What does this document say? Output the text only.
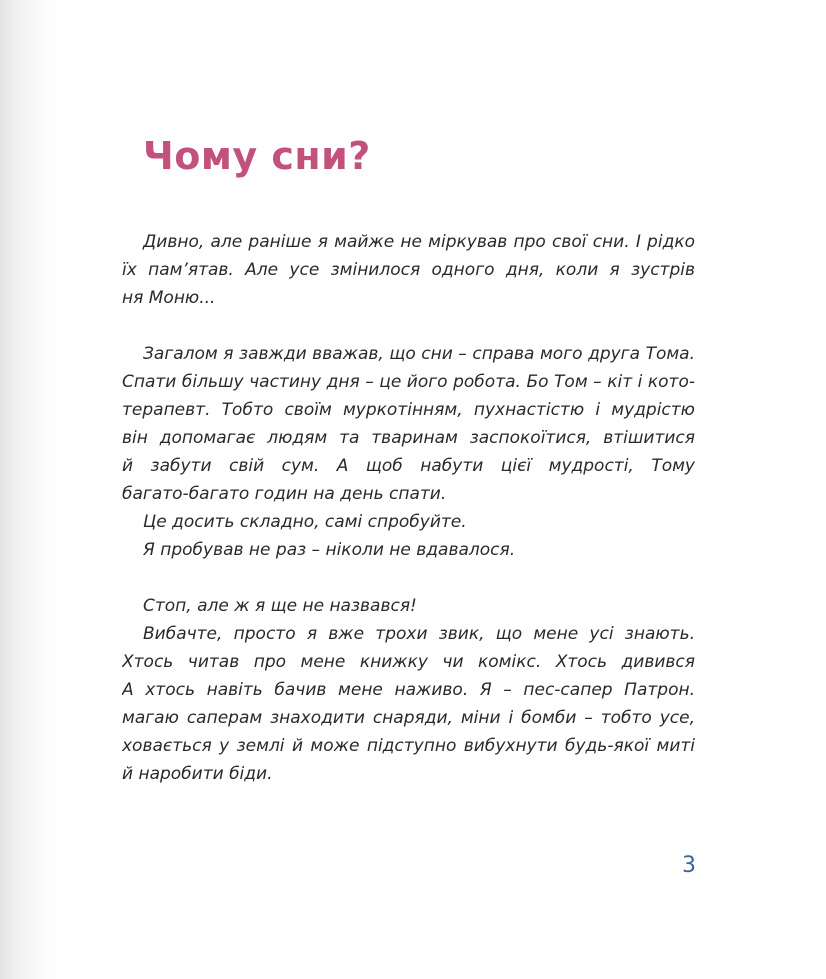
Чому сни?
Дивно, але раніше я майже не міркував про свої сни. І рідко
їх пам’ятав. Але усе змінилося одного дня, коли я зустрів
ня Моню...
Загалом я завжди вважав, що сни – справа мого друга Тома.
Спати більшу частину дня – це його робота. Бо Том – кіт і кото-
терапевт. Тобто своїм муркотінням, пухнастістю і мудрістю
він допомагає людям та тваринам заспокоїтися, втішитися
й забути свій сум. А щоб набути цієї мудрості, Тому
багато-багато годин на день спати.
Це досить складно, самі спробуйте.
Я пробував не раз – ніколи не вдавалося.
Стоп, але ж я ще не назвався!
Вибачте, просто я вже трохи звик, що мене усі знають.
Хтось читав про мене книжку чи комікс. Хтось дивився
А хтось навіть бачив мене наживо. Я – пес-сапер Патрон.
магаю саперам знаходити снаряди, міни і бомби – тобто усе,
ховається у землі й може підступно вибухнути будь-якої миті
й наробити біди.
3
